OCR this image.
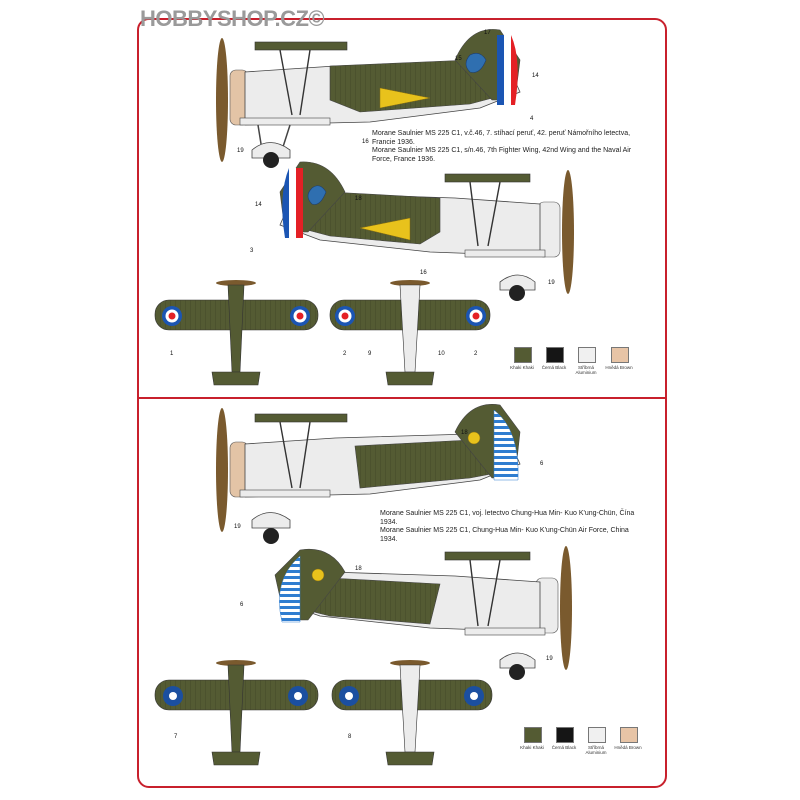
HOBBYSHOP.CZ©
17
15
14
4
16
19
18
14
3
16
19
1	2	9	10	2
18
6
19
18
6
19
7	8
Morane Saulnier MS 225 C1, v.č.46, 7. stíhací peruť, 42. peruť Námořního letectva, Francie 1936.
Morane Saulnier MS 225 C1, s/n.46, 7th Fighter Wing, 42nd Wing and the Naval Air Force, France 1936.
Morane Saulnier MS 225 C1, voj. letectvo Chung-Hua Min- Kuo K'ung-Chün, Čína 1934.
Morane Saulnier MS 225 C1, Chung-Hua Min- Kuo K'ung-Chün Air Force, China 1934.
Khaki Khaki	Černá Black	Stříbrná Aluminium
Hnědá Brown
Khaki Khaki	Černá Black	Stříbrná Aluminium
Hnědá Brown
